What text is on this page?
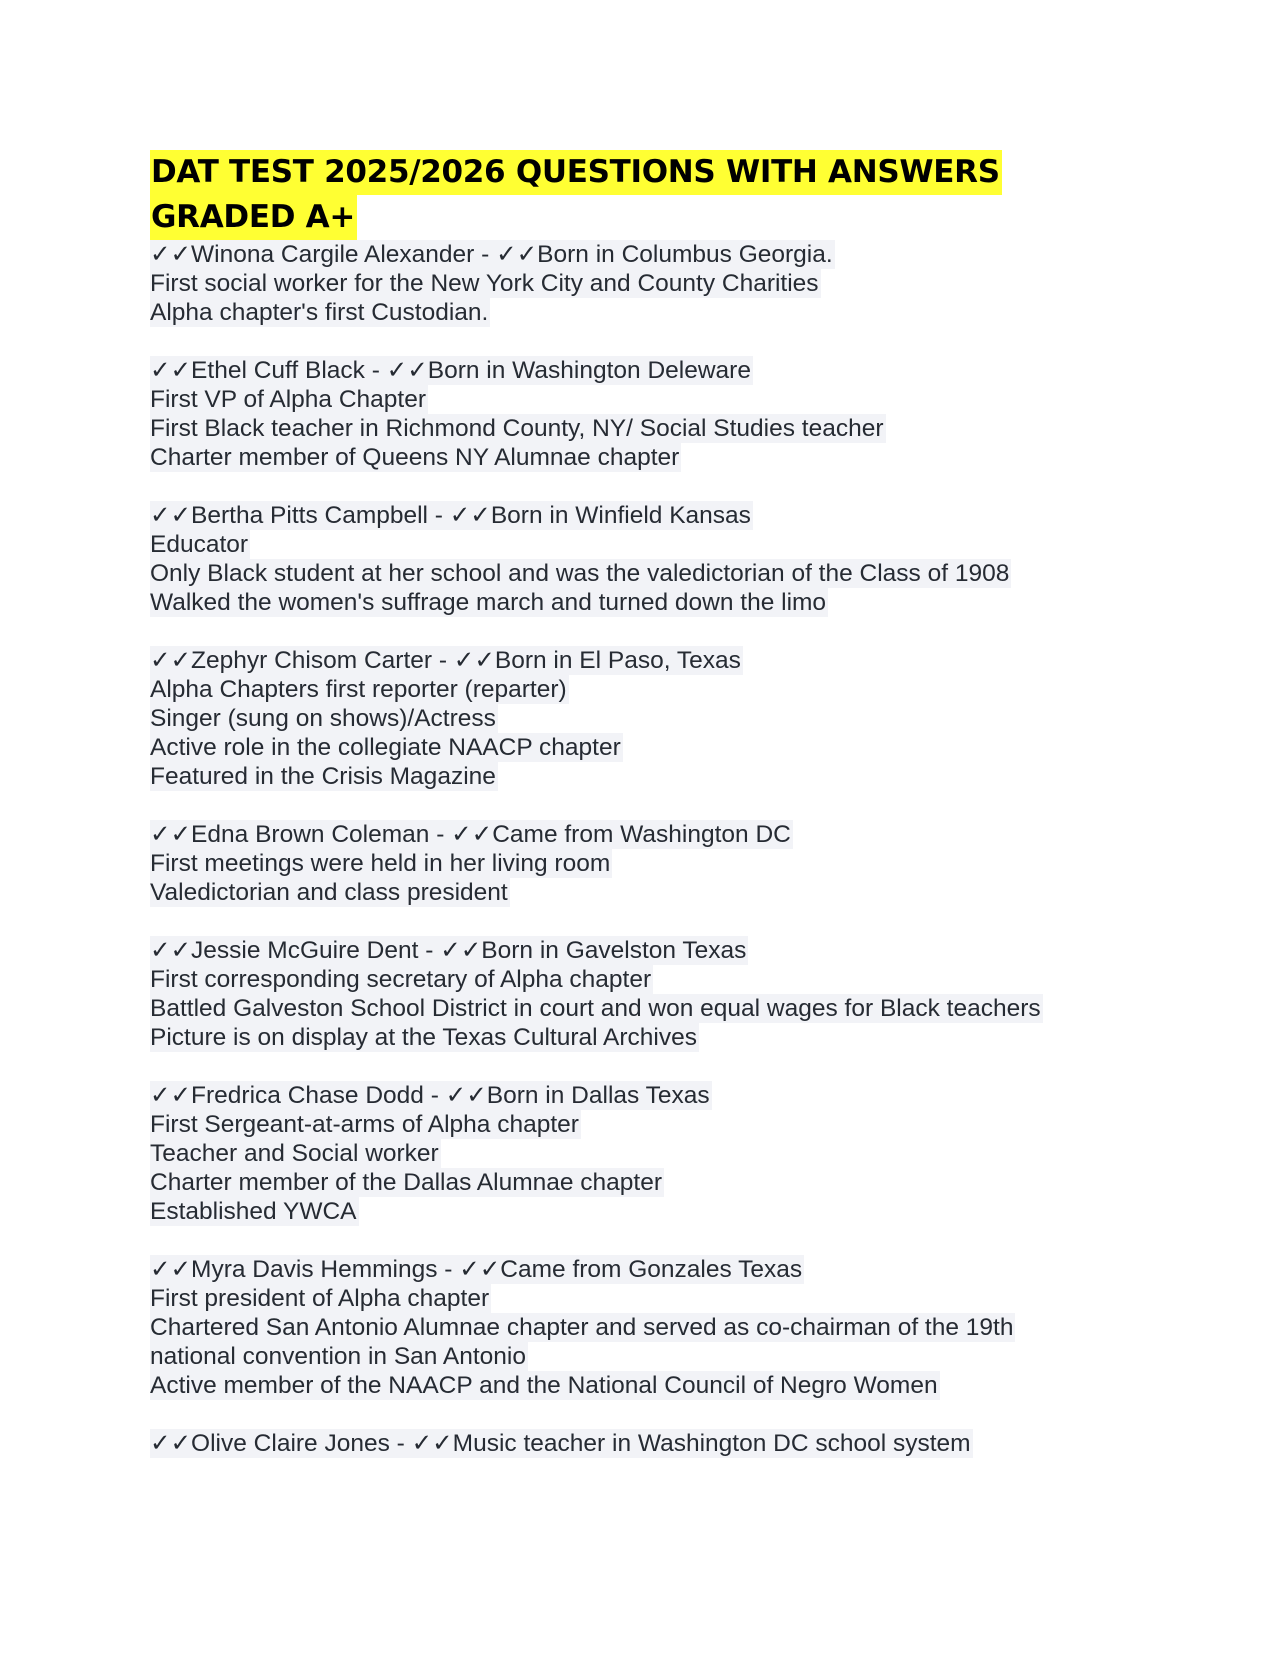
DAT TEST 2025/2026 QUESTIONS WITH ANSWERS
GRADED A+
✓✓Winona Cargile Alexander - ✓✓Born in Columbus Georgia.
First social worker for the New York City and County Charities
Alpha chapter's first Custodian.
✓✓Ethel Cuff Black - ✓✓Born in Washington Deleware
First VP of Alpha Chapter
First Black teacher in Richmond County, NY/ Social Studies teacher
Charter member of Queens NY Alumnae chapter
✓✓Bertha Pitts Campbell - ✓✓Born in Winfield Kansas
Educator
Only Black student at her school and was the valedictorian of the Class of 1908
Walked the women's suffrage march and turned down the limo
✓✓Zephyr Chisom Carter - ✓✓Born in El Paso, Texas
Alpha Chapters first reporter (reparter)
Singer (sung on shows)/Actress
Active role in the collegiate NAACP chapter
Featured in the Crisis Magazine
✓✓Edna Brown Coleman - ✓✓Came from Washington DC
First meetings were held in her living room
Valedictorian and class president
✓✓Jessie McGuire Dent - ✓✓Born in Gavelston Texas
First corresponding secretary of Alpha chapter
Battled Galveston School District in court and won equal wages for Black teachers
Picture is on display at the Texas Cultural Archives
✓✓Fredrica Chase Dodd - ✓✓Born in Dallas Texas
First Sergeant-at-arms of Alpha chapter
Teacher and Social worker
Charter member of the Dallas Alumnae chapter
Established YWCA
✓✓Myra Davis Hemmings - ✓✓Came from Gonzales Texas
First president of Alpha chapter
Chartered San Antonio Alumnae chapter and served as co-chairman of the 19th
national convention in San Antonio
Active member of the NAACP and the National Council of Negro Women
✓✓Olive Claire Jones - ✓✓Music teacher in Washington DC school system
